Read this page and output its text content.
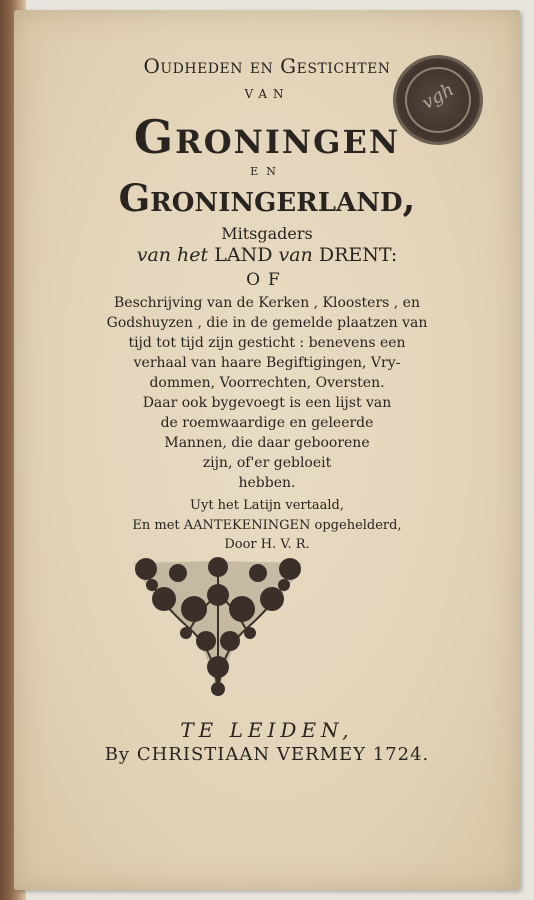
vgh
Oudheden en Gestichten
van
Groningen
en
Groningerland,
Mitsgaders
van het LAND van DRENT:
OF
Beschrijving van de Kerken , Kloosters , en
Godshuyzen , die in de gemelde plaatzen van
tijd tot tijd zijn gesticht : benevens een
verhaal van haare Begiftigingen, Vry-
dommen, Voorrechten, Oversten.
Daar ook bygevoegt is een lijst van
de roemwaardige en geleerde
Mannen, die daar geboorene
zijn, of'er gebloeit
hebben.
Uyt het Latijn vertaald,
En met AANTEKENINGEN opgehelderd,
Door H. V. R.
TE LEIDEN,
By CHRISTIAAN VERMEY 1724.
